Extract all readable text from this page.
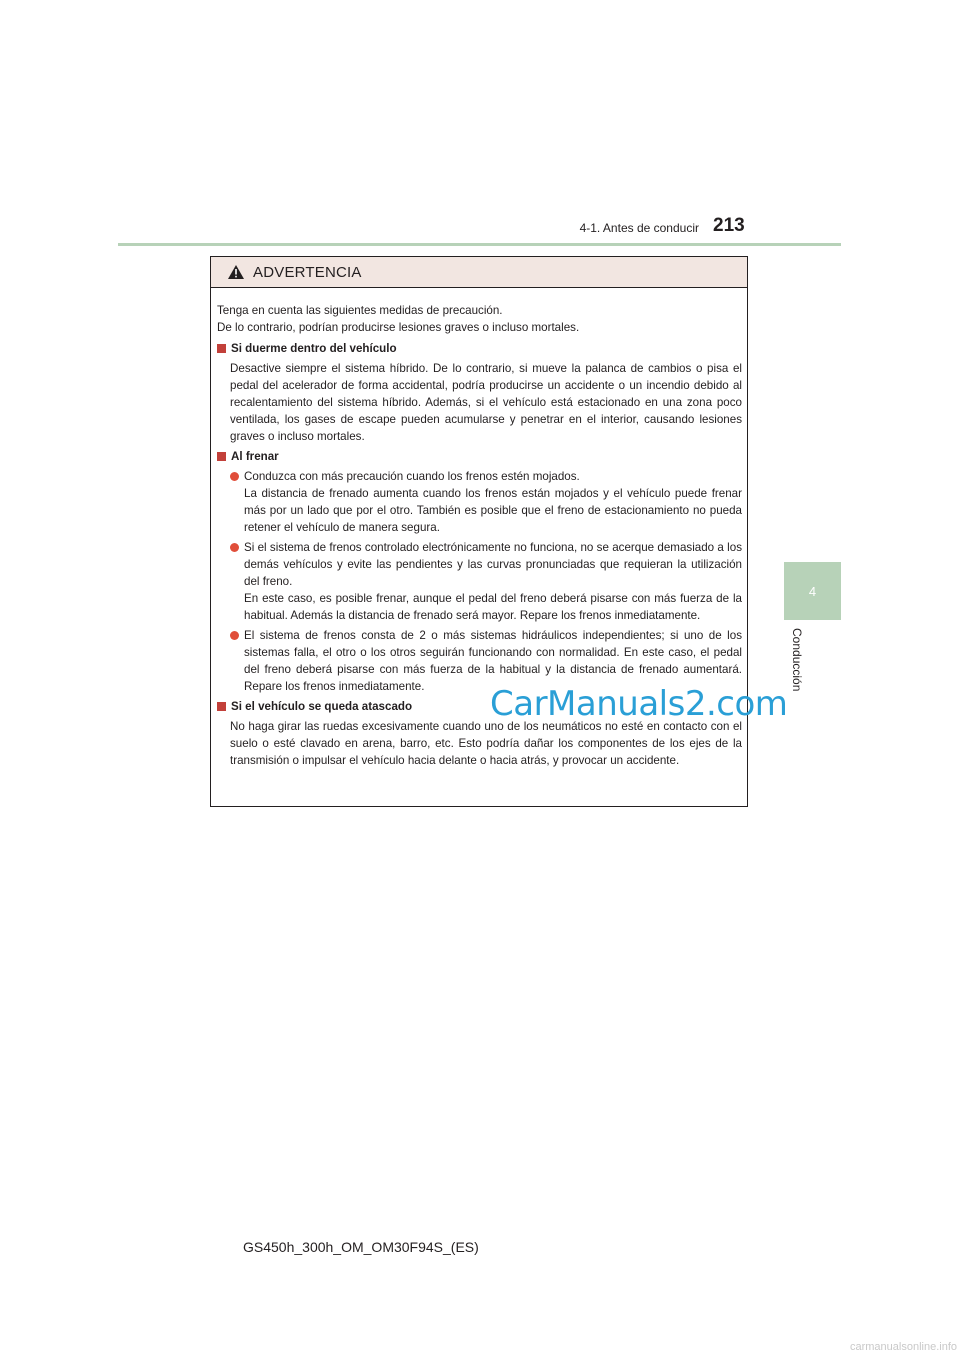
4-1. Antes de conducir 213
4
Conducción
ADVERTENCIA
Tenga en cuenta las siguientes medidas de precaución.
De lo contrario, podrían producirse lesiones graves o incluso mortales.
Si duerme dentro del vehículo
Desactive siempre el sistema híbrido. De lo contrario, si mueve la palanca de cambios o pisa el pedal del acelerador de forma accidental, podría producirse un accidente o un incendio debido al recalentamiento del sistema híbrido. Además, si el vehículo está estacionado en una zona poco ventilada, los gases de escape pueden acumularse y penetrar en el interior, causando lesiones graves o incluso mortales.
Al frenar
Conduzca con más precaución cuando los frenos estén mojados.
La distancia de frenado aumenta cuando los frenos están mojados y el vehículo puede frenar más por un lado que por el otro. También es posible que el freno de estacionamiento no pueda retener el vehículo de manera segura.
Si el sistema de frenos controlado electrónicamente no funciona, no se acerque demasiado a los demás vehículos y evite las pendientes y las curvas pronunciadas que requieran la utilización del freno.
En este caso, es posible frenar, aunque el pedal del freno deberá pisarse con más fuerza de la habitual. Además la distancia de frenado será mayor. Repare los frenos inmediatamente.
El sistema de frenos consta de 2 o más sistemas hidráulicos independientes; si uno de los sistemas falla, el otro o los otros seguirán funcionando con normalidad. En este caso, el pedal del freno deberá pisarse con más fuerza de la habitual y la distancia de frenado aumentará. Repare los frenos inmediatamente.
Si el vehículo se queda atascado
No haga girar las ruedas excesivamente cuando uno de los neumáticos no esté en contacto con el suelo o esté clavado en arena, barro, etc. Esto podría dañar los componentes de los ejes de la transmisión o impulsar el vehículo hacia delante o hacia atrás, y provocar un accidente.
CarManuals2.com
GS450h_300h_OM_OM30F94S_(ES)
carmanualsonline.info
